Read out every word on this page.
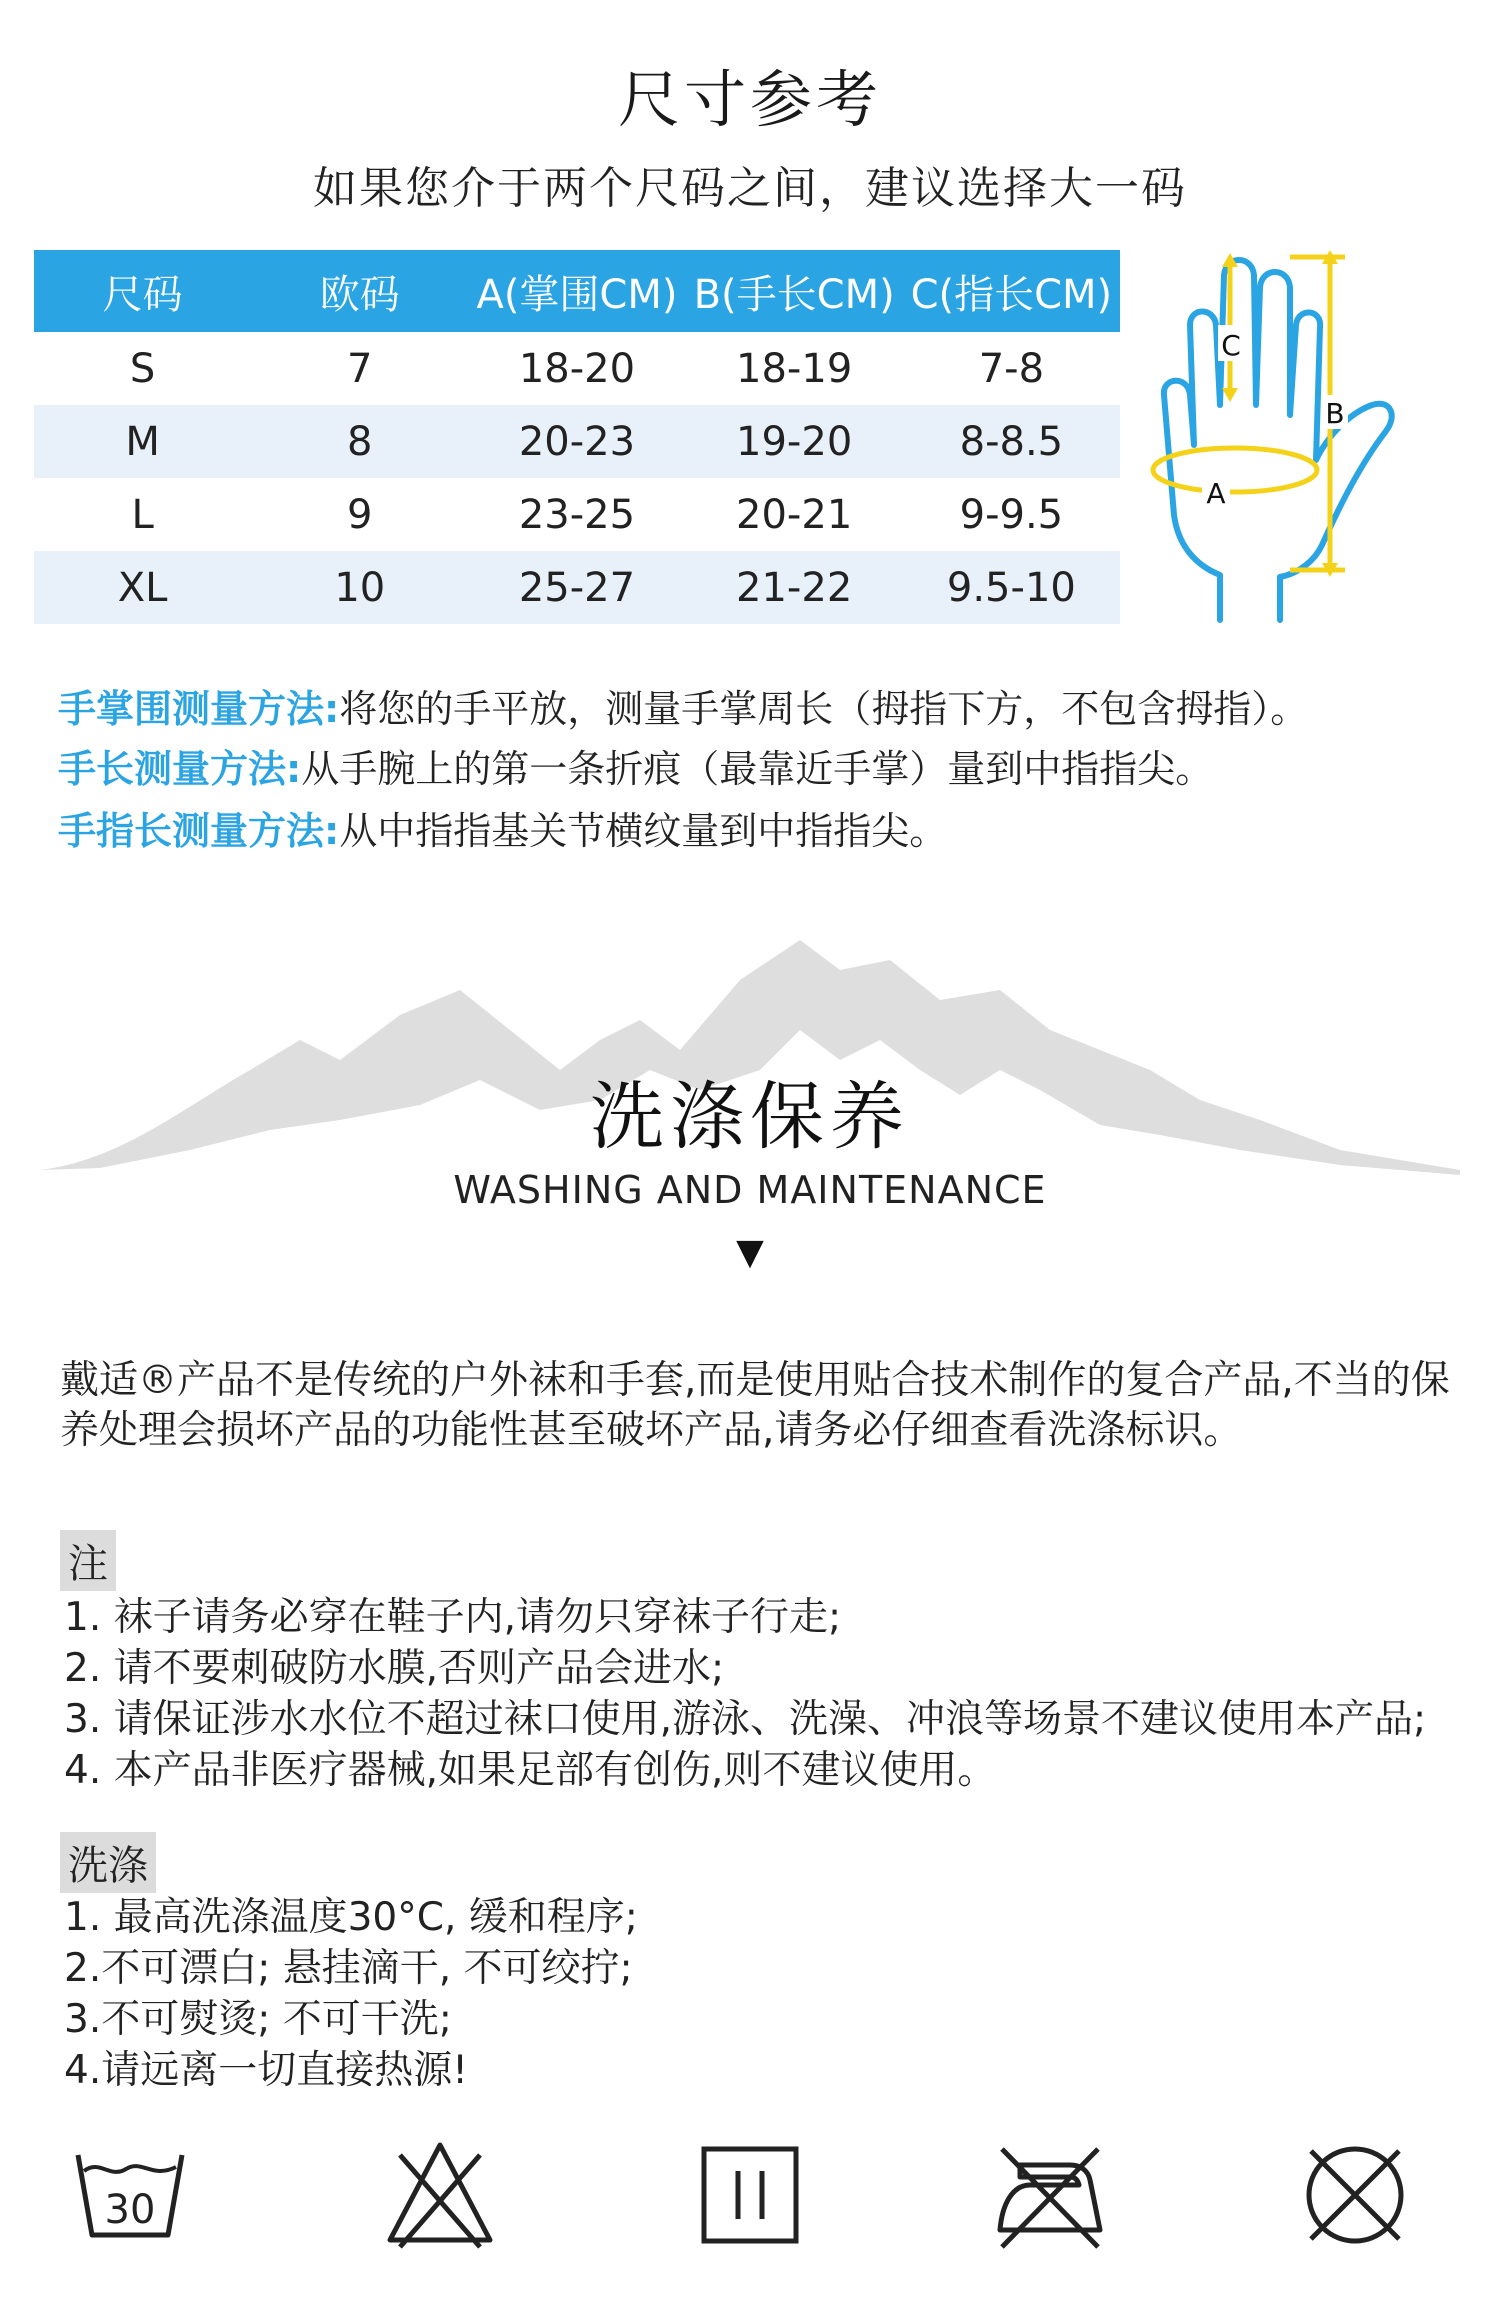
尺寸参考
如果您介于两个尺码之间，建议选择大一码
尺码	欧码	A(掌围CM)	B(手长CM)	C(指长CM)
S	7	18-20	18-19	7-8
M	8	20-23	19-20	8-8.5
L	9	23-25	20-21	9-9.5
XL	10	25-27	21-22	9.5-10
C
B
A
手掌围测量方法:将您的手平放，测量手掌周长（拇指下方，不包含拇指）。
手长测量方法:从手腕上的第一条折痕（最靠近手掌）量到中指指尖。
手指长测量方法:从中指指基关节横纹量到中指指尖。
洗涤保养
WASHING AND MAINTENANCE
▼
戴适®产品不是传统的户外袜和手套,而是使用贴合技术制作的复合产品,不当的保养处理会损坏产品的功能性甚至破坏产品,请务必仔细查看洗涤标识。
注
1. 袜子请务必穿在鞋子内,请勿只穿袜子行走;
2. 请不要刺破防水膜,否则产品会进水;
3. 请保证涉水水位不超过袜口使用,游泳、洗澡、冲浪等场景不建议使用本产品;
4. 本产品非医疗器械,如果足部有创伤,则不建议使用。
洗涤
1. 最高洗涤温度30°C, 缓和程序;
2.不可漂白; 悬挂滴干, 不可绞拧;
3.不可熨烫; 不可干洗;
4.请远离一切直接热源!
30
